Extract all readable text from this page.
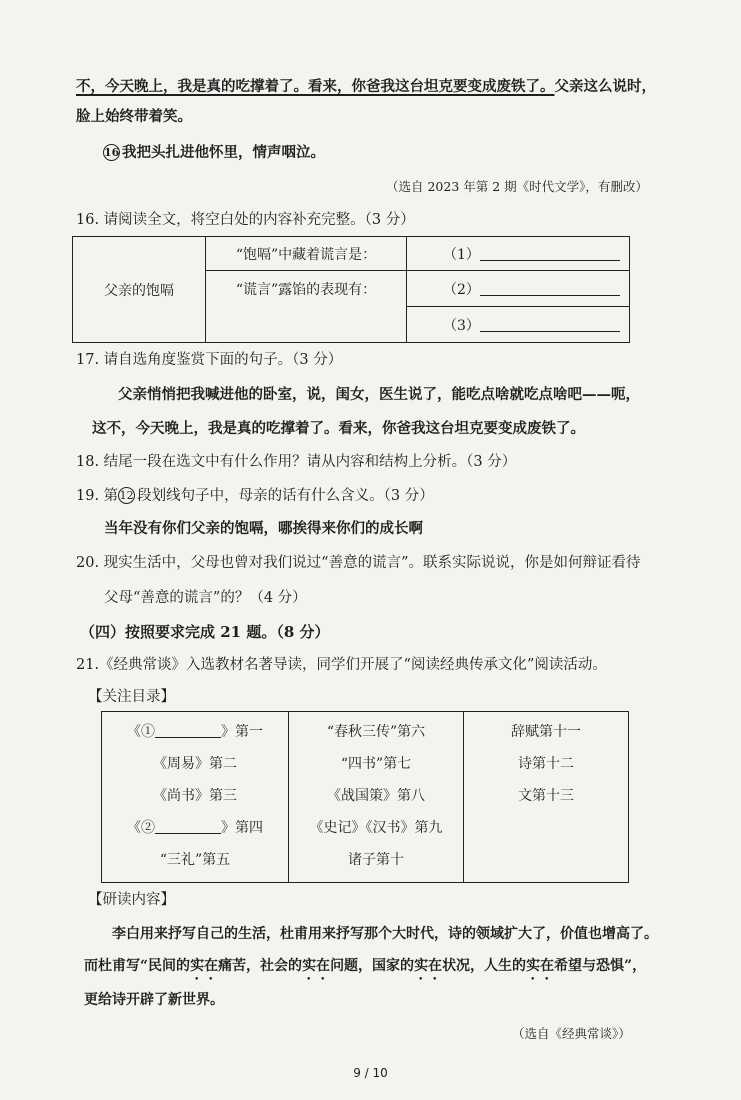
不，今天晚上，我是真的吃撑着了。看来，你爸我这台坦克要变成废铁了。父亲这么说时，
脸上始终带着笑。
16 我把头扎进他怀里，情声咽泣。
（选自 2023 年第 2 期《时代文学》，有删改）
16. 请阅读全文，将空白处的内容补充完整。（3 分）
父亲的饱嗝	“饱嗝”中藏着谎言是：	（1）
	“谎言”露馅的表现有：	（2）
		（3）
17. 请自选角度鉴赏下面的句子。（3 分）
父亲悄悄把我喊进他的卧室，说，闺女，医生说了，能吃点啥就吃点啥吧——呃，
这不，今天晚上，我是真的吃撑着了。看来，你爸我这台坦克要变成废铁了。
18. 结尾一段在选文中有什么作用？请从内容和结构上分析。（3 分）
19. 第 12 段划线句子中，母亲的话有什么含义。（3 分）
当年没有你们父亲的饱嗝，哪挨得来你们的成长啊
20. 现实生活中，父母也曾对我们说过“善意的谎言”。联系实际说说，你是如何辩证看待
父母“善意的谎言”的？（4 分）
（四）按照要求完成 21 题。（8 分）
21.《经典常谈》入选教材名著导读，同学们开展了“阅读经典传承文化”阅读活动。
【关注目录】
《①	》第一
《周易》第二
《尚书》第三
《②	》第四
“三礼”第五

“春秋三传”第六
“四书”第七
《战国策》第八
《史记》《汉书》第九
诸子第十

辞赋第十一
诗第十二
文第十三
【研读内容】
李白用来抒写自己的生活，杜甫用来抒写那个大时代，诗的领域扩大了，价值也增高了。
而杜甫写“民间的实在痛苦，社会的实在问题，国家的实在状况，人生的实在希望与恐惧”，
更给诗开辟了新世界。
（选自《经典常谈》）
9 / 10
